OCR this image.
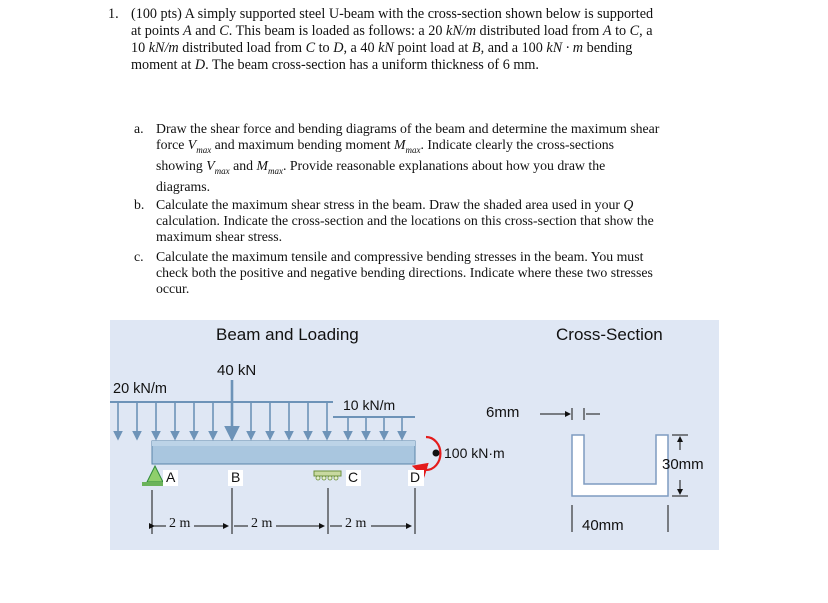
1. (100 pts) A simply supported steel U-beam with the cross-section shown below is supported

at points A and C. This beam is loaded as follows: a 20 kN/m distributed load from A to C, a

10 kN/m distributed load from C to D, a 40 kN point load at B, and a 100 kN · m bending

moment at D. The beam cross-section has a uniform thickness of 6 mm.

a. Draw the shear force and bending diagrams of the beam and determine the maximum shear
force $V_{max}$ and maximum bending moment $M_{max}$. Indicate clearly the cross-sections
showing $V_{max}$ and $M_{max}$. Provide reasonable explanations about how you draw the
diagrams.
b. Calculate the maximum shear stress in the beam. Draw the shaded area used in your Q
calculation. Indicate the cross-section and the locations on this cross-section that show the
maximum shear stress.
c. Calculate the maximum tensile and compressive bending stresses in the beam. You must
check both the positive and negative bending directions. Indicate where these two stresses
occur.
Beam and Loading	Cross-Section
40 kN
20 kN/m
10 kN/m
100 kN·m
A	B	C	D
2 m	2 m	2 m
6mm
30mm
40mm
